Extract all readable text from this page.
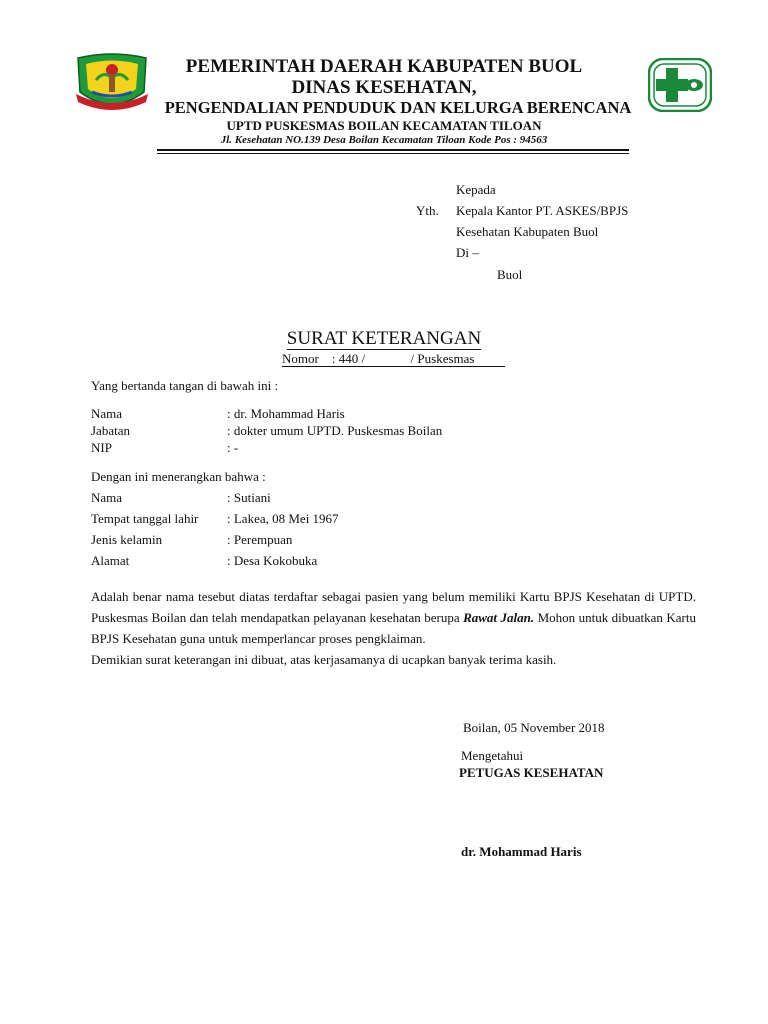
PEMERINTAH DAERAH KABUPATEN BUOL
DINAS KESEHATAN,
PENGENDALIAN PENDUDUK DAN KELURGA BERENCANA
UPTD PUSKESMAS BOILAN KECAMATAN TILOAN
Jl. Kesehatan NO.139 Desa Boilan Kecamatan Tiloan Kode Pos : 94563
Kepada
Yth. Kepala Kantor PT. ASKES/BPJS
Kesehatan Kabupaten Buol
Di –
Buol
SURAT KETERANGAN
Nomor    : 440 /              / Puskesmas
Yang bertanda tangan di bawah ini :
Nama	: dr. Mohammad Haris
Jabatan	: dokter umum UPTD. Puskesmas Boilan
NIP	: -
Dengan ini menerangkan bahwa :
Nama	: Sutiani
Tempat tanggal lahir : Lakea, 08 Mei 1967
Jenis kelamin	: Perempuan
Alamat	: Desa Kokobuka
Adalah benar nama tesebut diatas terdaftar sebagai pasien yang belum memiliki Kartu BPJS Kesehatan di UPTD. Puskesmas Boilan dan telah mendapatkan pelayanan kesehatan berupa Rawat Jalan. Mohon untuk dibuatkan Kartu BPJS Kesehatan guna untuk memperlancar proses pengklaiman.
Demikian surat keterangan ini dibuat, atas kerjasamanya di ucapkan banyak terima kasih.
Boilan, 05 November 2018
Mengetahui
PETUGAS KESEHATAN
dr. Mohammad Haris
